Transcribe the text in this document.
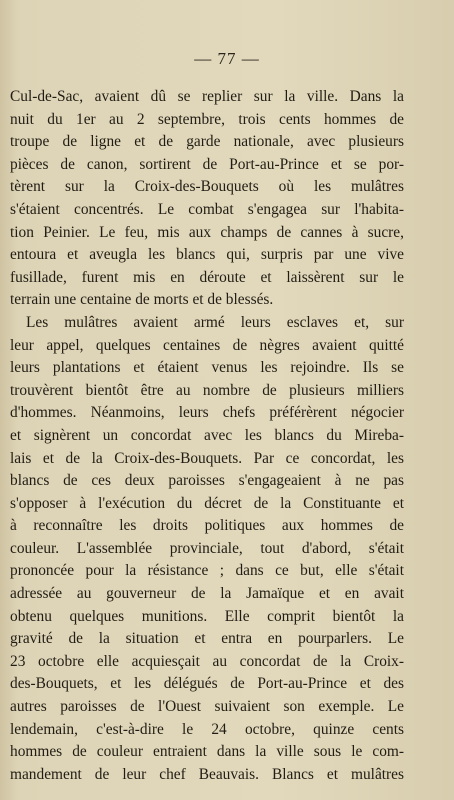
— 77 —
Cul-de-Sac, avaient dû se replier sur la ville. Dans la
nuit du 1er au 2 septembre, trois cents hommes de
troupe de ligne et de garde nationale, avec plusieurs
pièces de canon, sortirent de Port-au-Prince et se por-
tèrent sur la Croix-des-Bouquets où les mulâtres
s'étaient concentrés. Le combat s'engagea sur l'habita-
tion Peinier. Le feu, mis aux champs de cannes à sucre,
entoura et aveugla les blancs qui, surpris par une vive
fusillade, furent mis en déroute et laissèrent sur le
terrain une centaine de morts et de blessés.
Les mulâtres avaient armé leurs esclaves et, sur
leur appel, quelques centaines de nègres avaient quitté
leurs plantations et étaient venus les rejoindre. Ils se
trouvèrent bientôt être au nombre de plusieurs milliers
d'hommes. Néanmoins, leurs chefs préférèrent négocier
et signèrent un concordat avec les blancs du Mireba-
lais et de la Croix-des-Bouquets. Par ce concordat, les
blancs de ces deux paroisses s'engageaient à ne pas
s'opposer à l'exécution du décret de la Constituante et
à reconnaître les droits politiques aux hommes de
couleur. L'assemblée provinciale, tout d'abord, s'était
prononcée pour la résistance ; dans ce but, elle s'était
adressée au gouverneur de la Jamaïque et en avait
obtenu quelques munitions. Elle comprit bientôt la
gravité de la situation et entra en pourparlers. Le
23 octobre elle acquiesçait au concordat de la Croix-
des-Bouquets, et les délégués de Port-au-Prince et des
autres paroisses de l'Ouest suivaient son exemple. Le
lendemain, c'est-à-dire le 24 octobre, quinze cents
hommes de couleur entraient dans la ville sous le com-
mandement de leur chef Beauvais. Blancs et mulâtres
